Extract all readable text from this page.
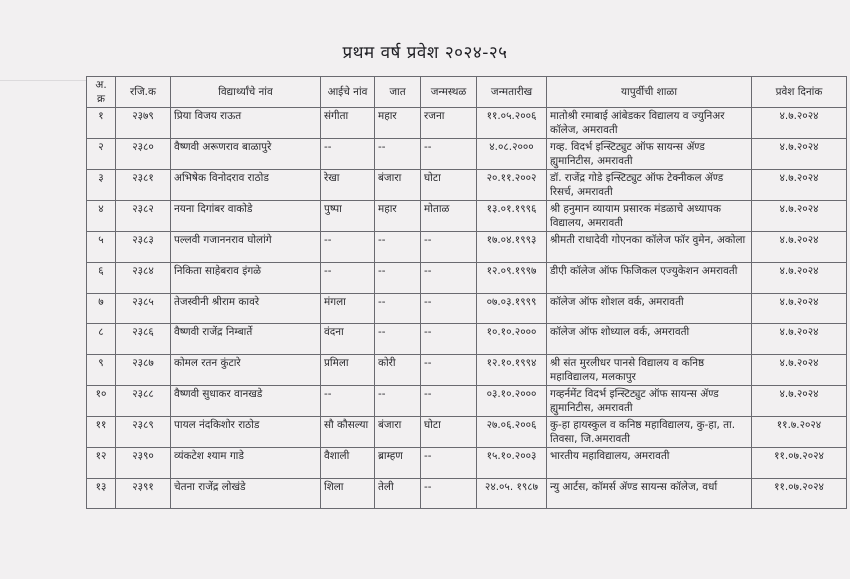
प्रथम वर्ष प्रवेश २०२४-२५
अ. क्र	रजि.क	विद्यार्थ्यांचे नांव	आईचे नांव	जात	जन्मस्थळ	जन्मतारीख	यापुर्वीची शाळा	प्रवेश दिनांक
१	२३७९	प्रिया विजय राऊत	संगीता	महार	रजना	११.०५.२००६	मातोश्री रमाबाई आंबेडकर विद्यालय व ज्युनिअर कॉलेज, अमरावती	४.७.२०२४
२	२३८०	वैष्णवी अरूणराव बाळापुरे	--	--	--	४.०८.२०००	गव्ह. विदर्भ इन्स्टिट्युट ऑफ सायन्स ॲण्ड ह्युमानिटीस, अमरावती	४.७.२०२४
३	२३८१	अभिषेक विनोदराव राठोड	रेखा	बंजारा	घोटा	२०.११.२००२	डॉ. राजेंद्र गोडे इन्स्टिट्युट ऑफ टेक्नीकल ॲण्ड रिसर्च, अमरावती	४.७.२०२४
४	२३८२	नयना दिगांबर वाकोडे	पुष्पा	महार	मोताळ	१३.०१.१९९६	श्री हनुमान व्यायाम प्रसारक मंडळाचे अध्यापक विद्यालय, अमरावती	४.७.२०२४
५	२३८३	पल्लवी गजाननराव घोलांगे	--	--	--	१७.०४.१९९३	श्रीमती राधादेवी गोएनका कॉलेज फॉर वुमेन, अकोला	४.७.२०२४
६	२३८४	निकिता साहेबराव इंगळे	--	--	--	१२.०९.१९९७	डीएी कॉलेज ऑफ फिजिकल एज्युकेशन अमरावती	४.७.२०२४
७	२३८५	तेजस्वीनी श्रीराम कावरे	मंगला	--	--	०७.०३.१९९९	कॉलेज ऑफ शोशल वर्क, अमरावती	४.७.२०२४
८	२३८६	वैष्णवी राजेंद्र निम्बार्ते	वंदना	--	--	१०.१०.२०००	कॉलेज ऑफ शोध्याल वर्क, अमरावती	४.७.२०२४
९	२३८७	कोमल रतन कुंटारे	प्रमिला	कोरी	--	१२.१०.१९९४	श्री संत मुरलीधर पानसे विद्यालय व कनिष्ठ महाविद्यालय, मलकापुर	४.७.२०२४
१०	२३८८	वैष्णवी सुधाकर वानखडे	--	--	--	०३.१०.२०००	गव्हर्नमेंट विदर्भ इन्स्टिट्युट ऑफ सायन्स ॲण्ड ह्युमानिटीस, अमरावती	४.७.२०२४
११	२३८९	पायल नंदकिशोर राठोड	सौ कौसल्या	बंजारा	घोटा	२७.०६.२००६	कु-हा हायस्कुल व कनिष्ठ महाविद्यालय, कु-हा, ता. तिवसा, जि.अमरावती	११.७.२०२४
१२	२३९०	व्यंकटेश श्याम गाडे	वैशाली	ब्राम्हण	--	१५.१०.२००३	भारतीय महाविद्यालय, अमरावती	११.०७.२०२४
१३	२३९१	चेतना राजेंद्र लोखंडे	शिला	तेली	--	२४.०५. १९८७	न्यु आर्टस, कॉमर्स ॲण्ड सायन्स कॉलेज, वर्धा	११.०७.२०२४
